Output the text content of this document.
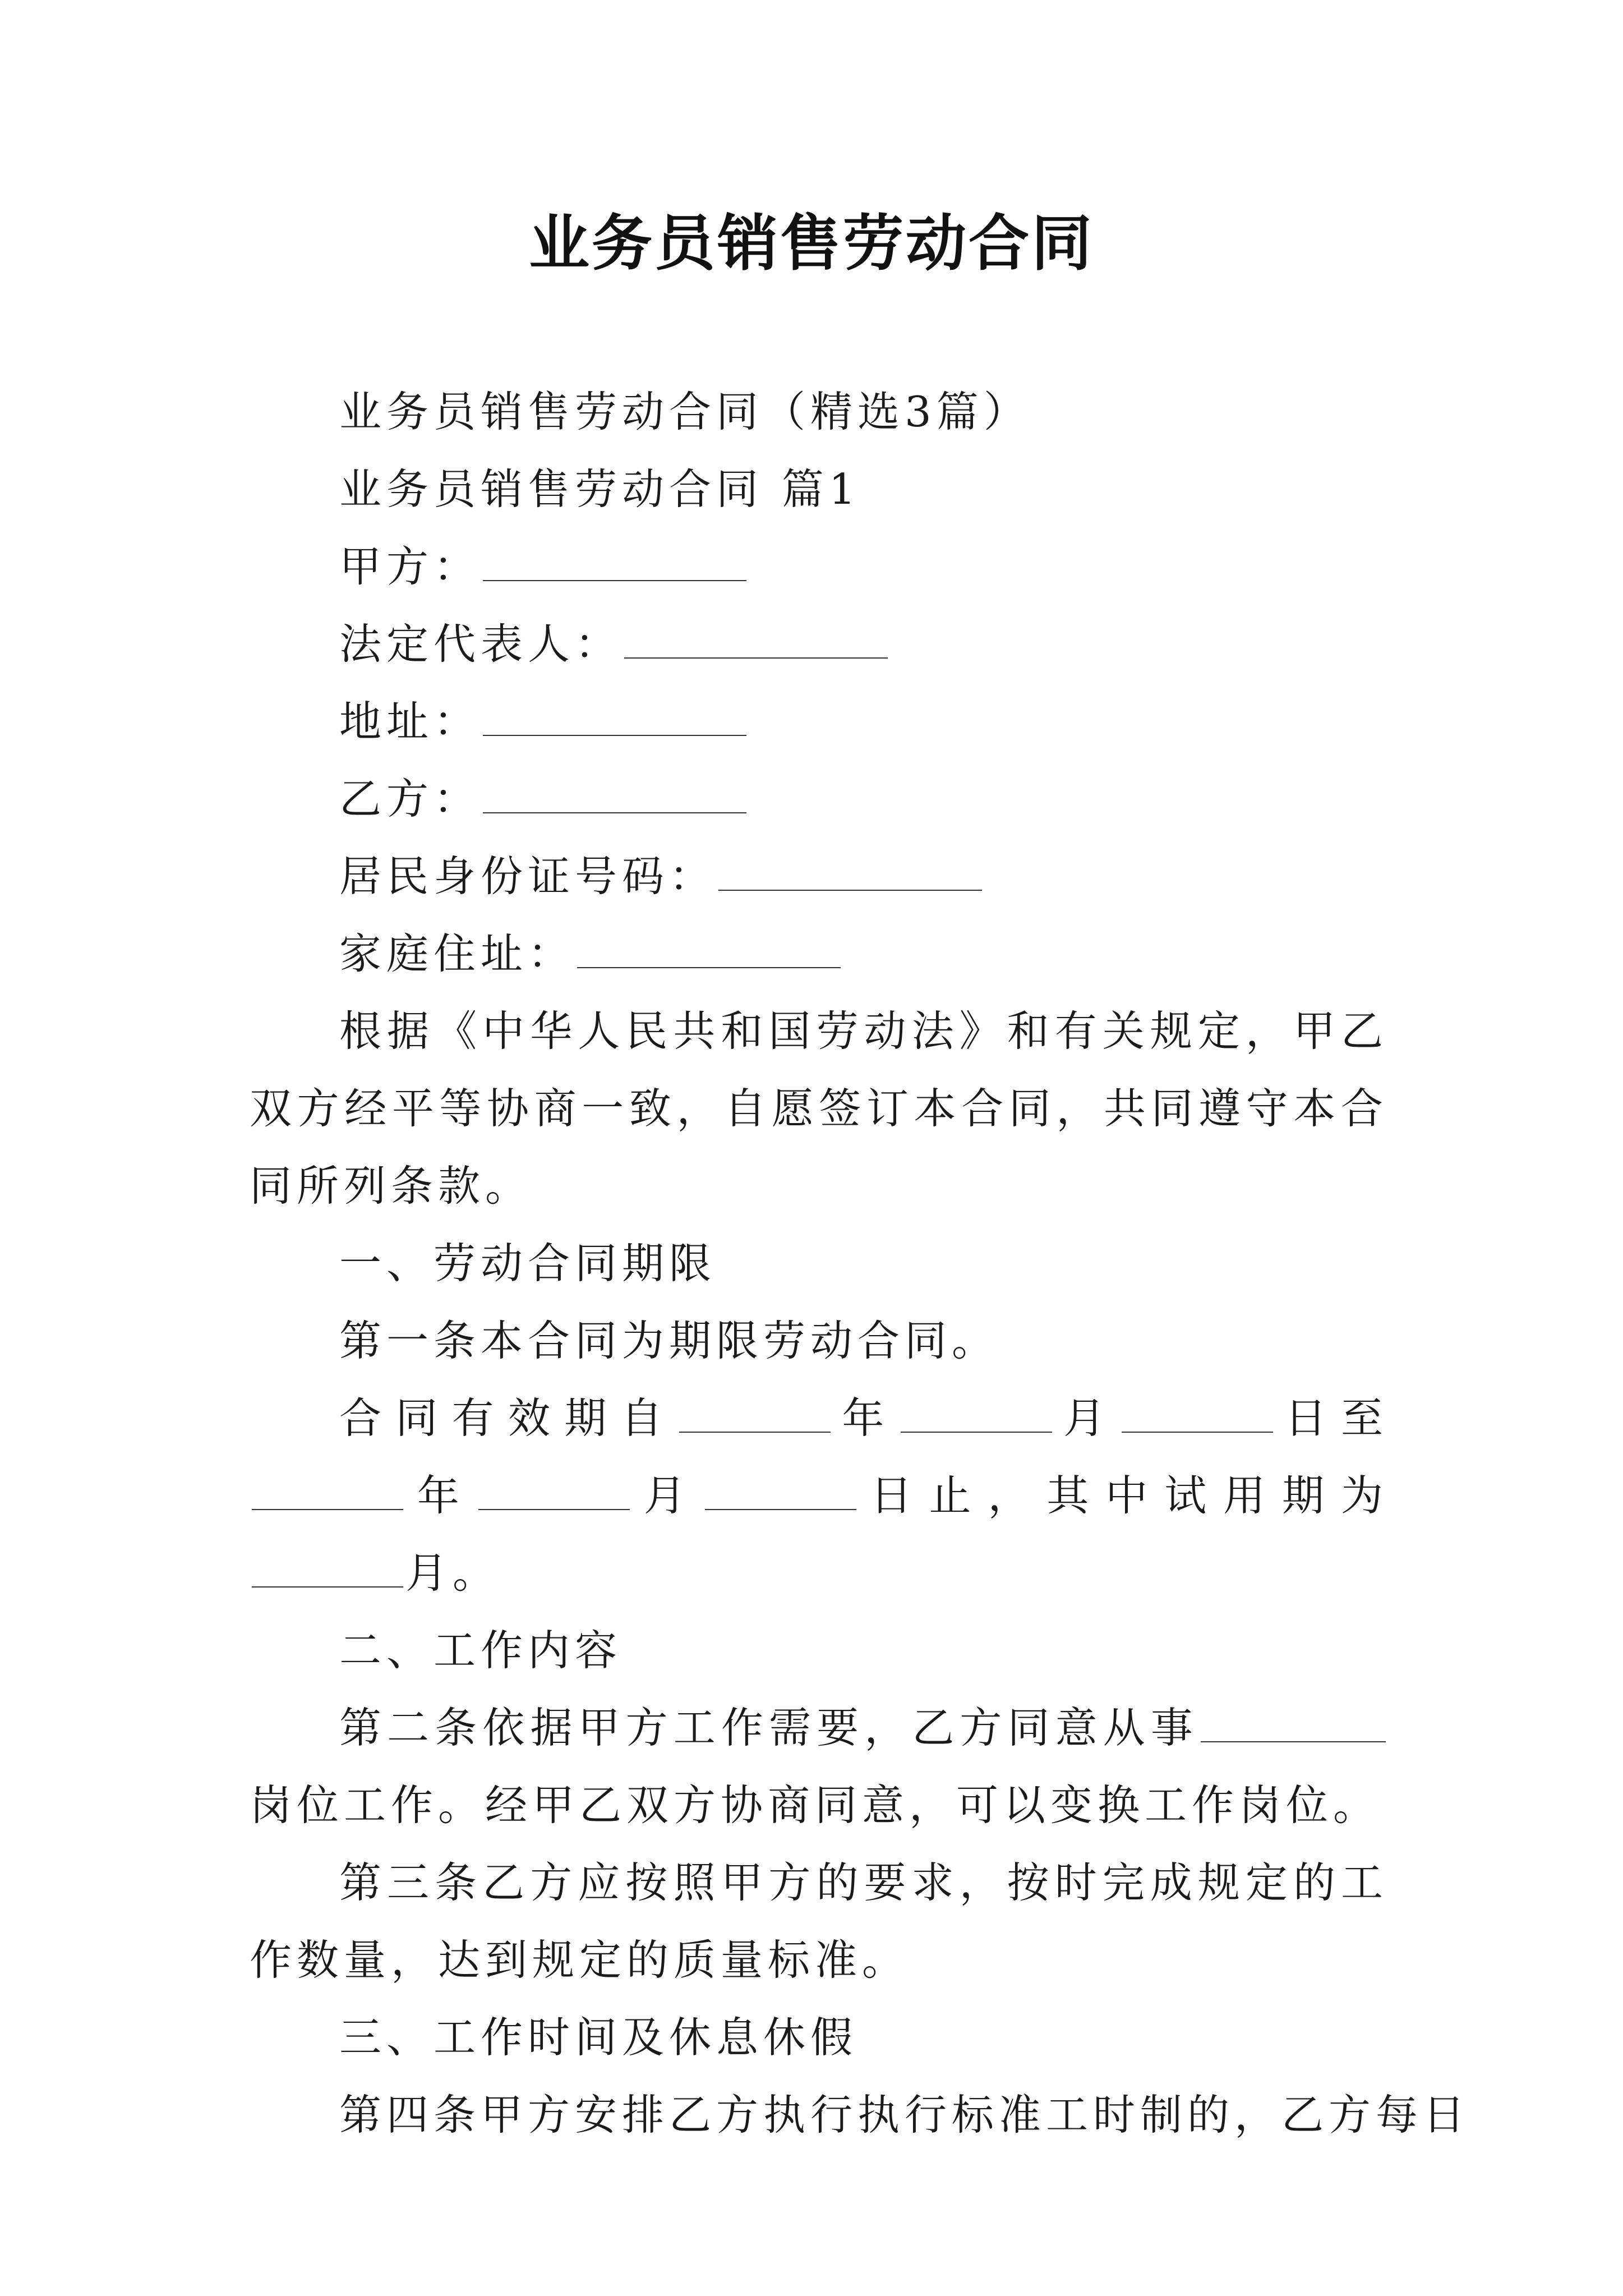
业务员销售劳动合同
业务员销售劳动合同（精选3篇）
业务员销售劳动合同 篇1
甲方：
法定代表人：
地址：
乙方：
居民身份证号码：
家庭住址：
根据《中华人民共和国劳动法》和有关规定，甲乙双方经平等协商一致，自愿签订本合同，共同遵守本合同所列条款。
一、劳动合同期限
第一条本合同为期限劳动合同。
合同有效期自	年	月	日至年	月	日止，其中试用期为月。
二、工作内容
第二条依据甲方工作需要，乙方同意从事岗位工作。经甲乙双方协商同意，可以变换工作岗位。
第三条乙方应按照甲方的要求，按时完成规定的工作数量，达到规定的质量标准。
三、工作时间及休息休假
第四条甲方安排乙方执行执行标准工时制的，乙方每日
